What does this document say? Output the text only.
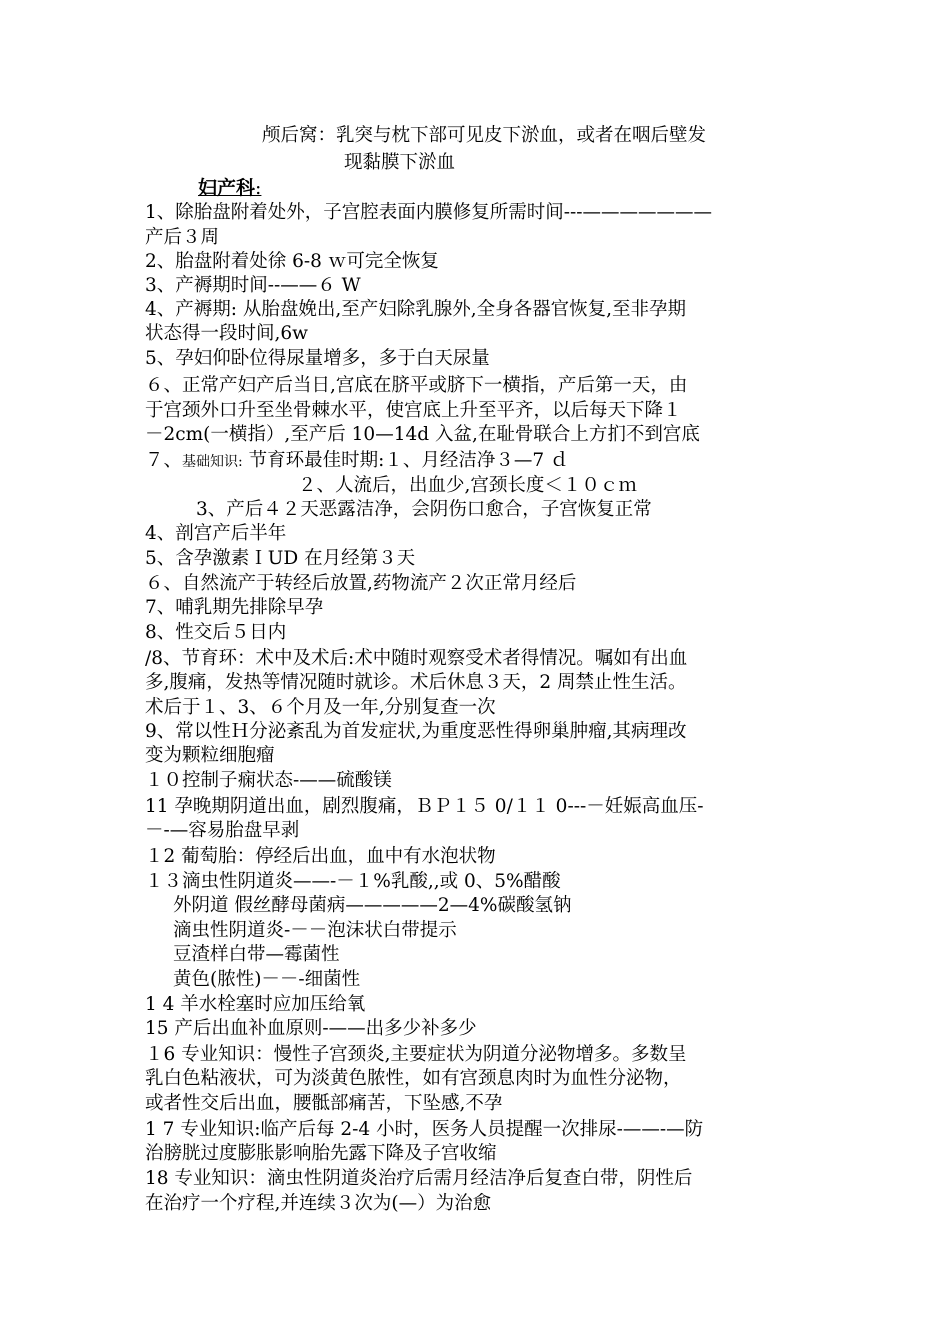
颅后窝：乳突与枕下部可见皮下淤血，或者在咽后壁发
现黏膜下淤血
妇产科:
1、除胎盘附着处外，子宫腔表面内膜修复所需时间---———————
产后３周
2、胎盘附着处徐 6-8 ｗ可完全恢复
3、产褥期时间--——６ W
4、产褥期: 从胎盘娩出,至产妇除乳腺外,全身各器官恢复,至非孕期
状态得一段时间,6w
5、孕妇仰卧位得尿量增多，多于白天尿量
６、正常产妇产后当日,宫底在脐平或脐下一横指，产后第一天，由
于宫颈外口升至坐骨棘水平，使宫底上升至平齐，以后每天下降１
－2cm(一横指）,至产后 10—14d 入盆,在耻骨联合上方扪不到宫底
７、基础知识: 节育环最佳时期:１、月经洁净３—7 ｄ
２、人流后，出血少,宫颈长度＜１０ｃｍ
3、产后４２天恶露洁净，会阴伤口愈合，子宫恢复正常
4、剖宫产后半年
5、含孕激素ＩUD 在月经第３天
６、自然流产于转经后放置,药物流产２次正常月经后
7、哺乳期先排除早孕
8、性交后５日内
/8、节育环：术中及术后:术中随时观察受术者得情况。嘱如有出血
多,腹痛，发热等情况随时就诊。术后休息３天，2 周禁止性生活。
术后于１、3、６个月及一年,分别复查一次
9、常以性Ｈ分泌紊乱为首发症状,为重度恶性得卵巢肿瘤,其病理改
变为颗粒细胞瘤
１０控制子痫状态-——硫酸镁
11 孕晚期阴道出血，剧烈腹痛，ＢＰ１５ 0/１１ 0---－妊娠高血压-
－-—容易胎盘早剥
１2 葡萄胎：停经后出血，血中有水泡状物
１３滴虫性阴道炎——-－１%乳酸,,或 0、5%醋酸
外阴道 假丝酵母菌病—————2—4%碳酸氢钠
滴虫性阴道炎-－－泡沫状白带提示
豆渣样白带—霉菌性
黄色(脓性)－－-细菌性
1 4 羊水栓塞时应加压给氧
15 产后出血补血原则-——出多少补多少
１6 专业知识：慢性子宫颈炎,主要症状为阴道分泌物增多。多数呈
乳白色粘液状，可为淡黄色脓性，如有宫颈息肉时为血性分泌物，
或者性交后出血，腰骶部痛苦，下坠感,不孕
1 7 专业知识:临产后每 2-4 小时，医务人员提醒一次排尿-——-—防
治膀胱过度膨胀影响胎先露下降及子宫收缩
18 专业知识：滴虫性阴道炎治疗后需月经洁净后复查白带，阴性后
在治疗一个疗程,并连续３次为(—）为治愈
